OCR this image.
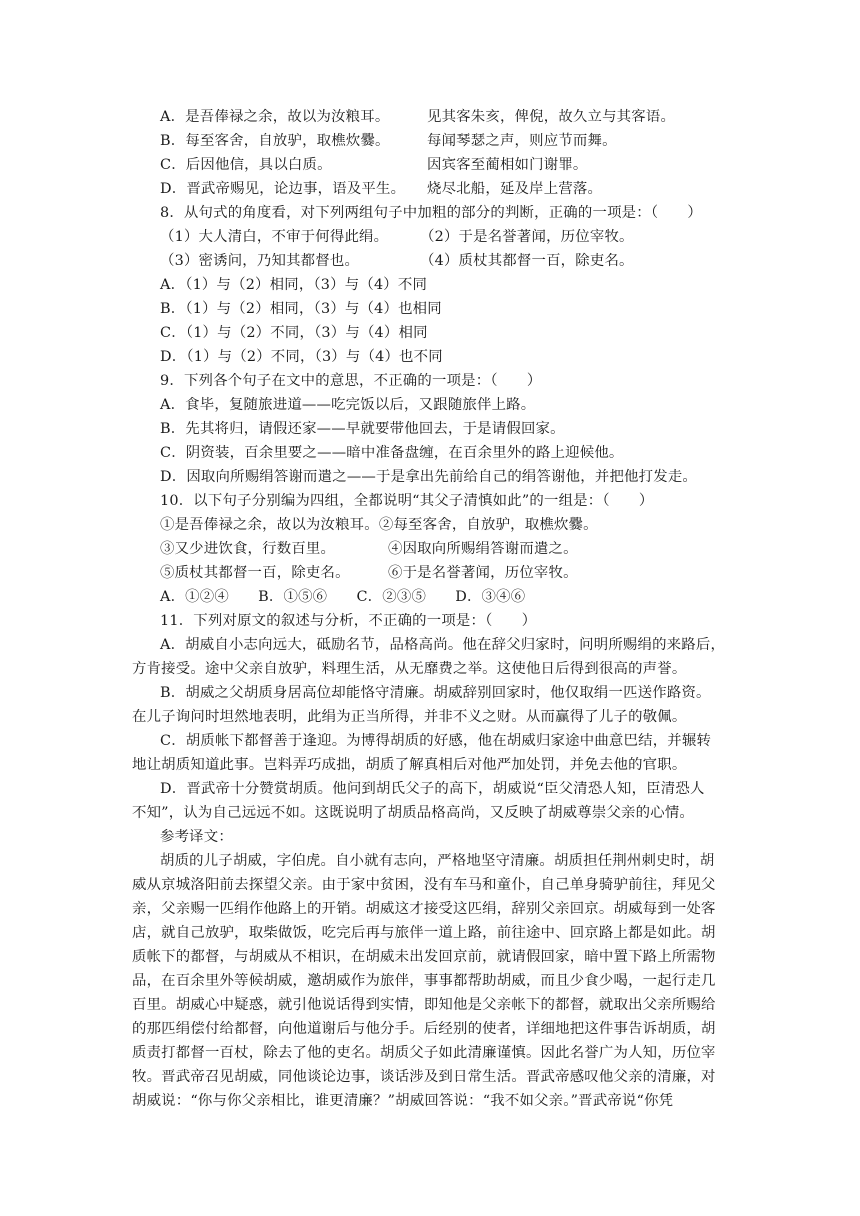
A．是吾俸禄之余，故以为汝粮耳。	见其客朱亥，俾倪，故久立与其客语。
B．每至客舍，自放驴，取樵炊爨。	每闻琴瑟之声，则应节而舞。
C．后因他信，具以白质。	因宾客至蔺相如门谢罪。
D．晋武帝赐见，论边事，语及平生。 烧尽北船，延及岸上营落。
8．从句式的角度看，对下列两组句子中加粗的部分的判断，正确的一项是：（　　）
（1）大人清白，不审于何得此绢。 （2）于是名誉著闻，历位宰牧。
（3）密诱问，乃知其都督也。	（4）质杖其都督一百，除吏名。
A．（1）与（2）相同，（3）与（4）不同
B．（1）与（2）相同，（3）与（4）也相同
C．（1）与（2）不同，（3）与（4）相同
D．（1）与（2）不同，（3）与（4）也不同
9．下列各个句子在文中的意思，不正确的一项是：（　　）
A．食毕，复随旅进道——吃完饭以后，又跟随旅伴上路。
B．先其将归，请假还家——早就要带他回去，于是请假回家。
C．阴资装，百余里要之——暗中准备盘缠，在百余里外的路上迎候他。
D．因取向所赐绢答谢而遣之——于是拿出先前给自己的绢答谢他，并把他打发走。
10．以下句子分别编为四组，全都说明“其父子清慎如此”的一组是：（　　）
①是吾俸禄之余，故以为汝粮耳。②每至客舍，自放驴，取樵炊爨。
③又少进饮食，行数百里。	④因取向所赐绢答谢而遣之。
⑤质杖其都督一百，除吏名。	⑥于是名誉著闻，历位宰牧。
A．①②④　　B．①⑤⑥　　C．②③⑤　　D．③④⑥
11．下列对原文的叙述与分析，不正确的一项是：（　　）
A．胡威自小志向远大，砥励名节，品格高尚。他在辞父归家时，问明所赐绢的来路后，
方肯接受。途中父亲自放驴，料理生活，从无靡费之举。这使他日后得到很高的声誉。
B．胡威之父胡质身居高位却能恪守清廉。胡威辞别回家时，他仅取绢一匹送作路资。
在儿子询问时坦然地表明，此绢为正当所得，并非不义之财。从而赢得了儿子的敬佩。
C．胡质帐下都督善于逢迎。为博得胡质的好感，他在胡威归家途中曲意巴结，并辗转
地让胡质知道此事。岂料弄巧成拙，胡质了解真相后对他严加处罚，并免去他的官职。
D．晋武帝十分赞赏胡质。他问到胡氏父子的高下，胡威说“臣父清恐人知，臣清恐人
不知”，认为自己远远不如。这既说明了胡质品格高尚，又反映了胡威尊崇父亲的心情。
参考译文：
胡质的儿子胡威，字伯虎。自小就有志向，严格地坚守清廉。胡质担任荆州刺史时，胡
威从京城洛阳前去探望父亲。由于家中贫困，没有车马和童仆，自己单身骑驴前往，拜见父
亲，父亲赐一匹绢作他路上的开销。胡威这才接受这匹绢，辞别父亲回京。胡威每到一处客
店，就自己放驴，取柴做饭，吃完后再与旅伴一道上路，前往途中、回京路上都是如此。胡
质帐下的都督，与胡威从不相识，在胡威未出发回京前，就请假回家，暗中置下路上所需物
品，在百余里外等候胡威，邀胡威作为旅伴，事事都帮助胡威，而且少食少喝，一起行走几
百里。胡威心中疑惑，就引他说话得到实情，即知他是父亲帐下的都督，就取出父亲所赐给
的那匹绢偿付给都督，向他道谢后与他分手。后经别的使者，详细地把这件事告诉胡质，胡
质责打都督一百杖，除去了他的吏名。胡质父子如此清廉谨慎。因此名誉广为人知，历位宰
牧。晋武帝召见胡威，同他谈论边事，谈话涉及到日常生活。晋武帝感叹他父亲的清廉，对
胡威说：“你与你父亲相比，谁更清廉？”胡威回答说：“我不如父亲。”晋武帝说“你凭
